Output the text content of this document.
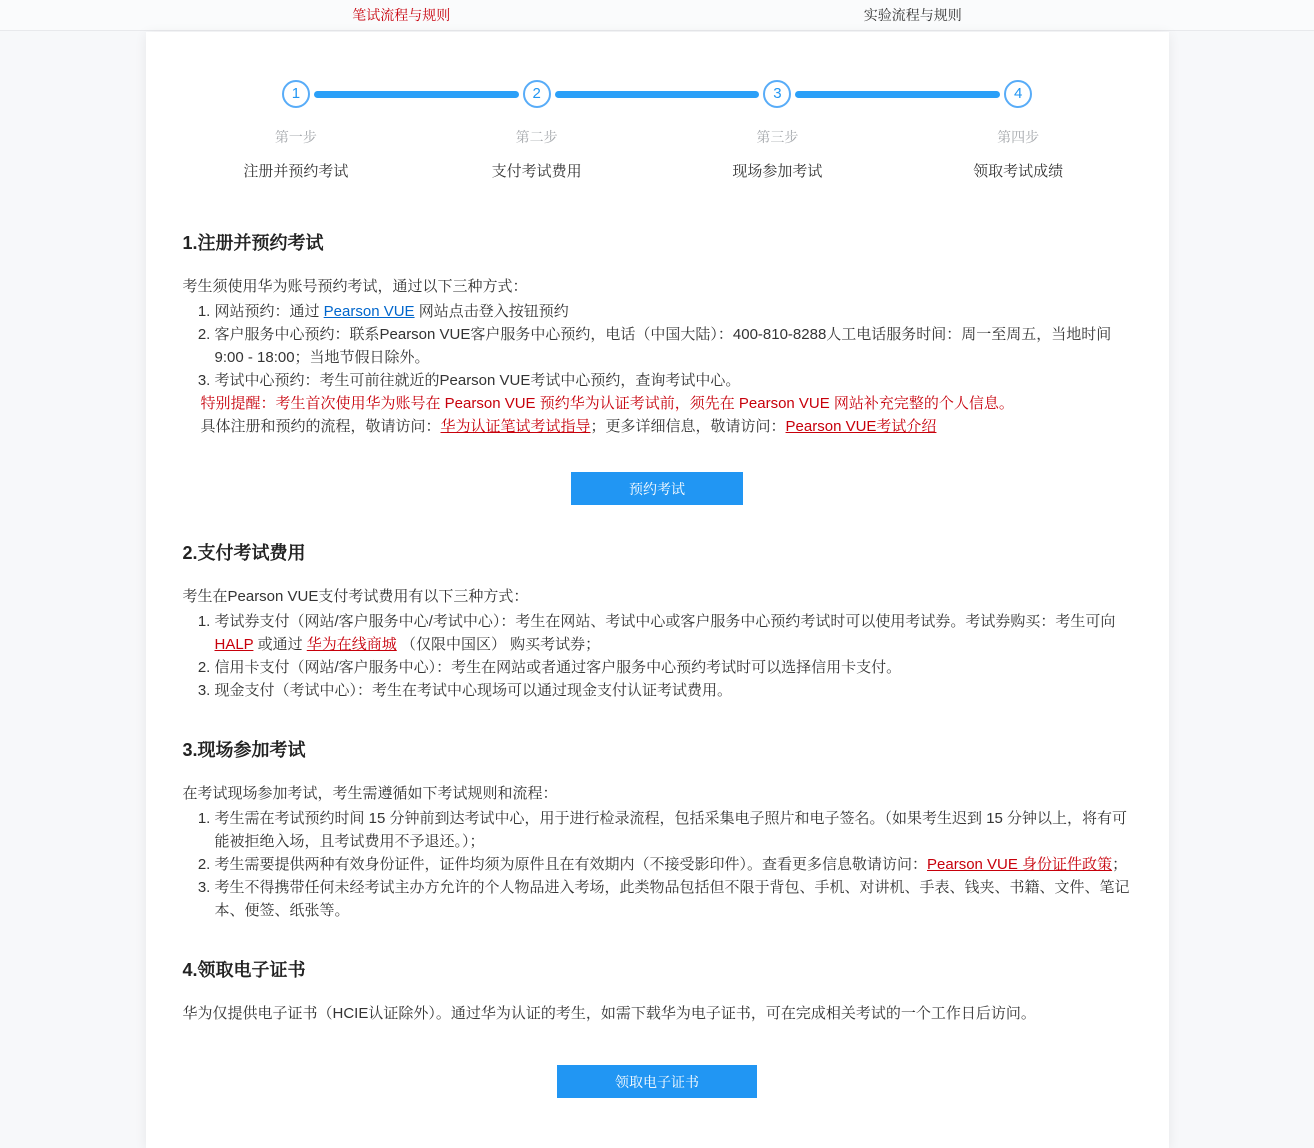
笔试流程与规则	实验流程与规则
1
第一步
注册并预约考试
2
第二步
支付考试费用
3
第三步
现场参加考试
4
第四步
领取考试成绩
1.注册并预约考试

考生须使用华为账号预约考试，通过以下三种方式：

1. 网站预约：通过 Pearson VUE 网站点击登入按钮预约
2. 客户服务中心预约：联系Pearson VUE客户服务中心预约，电话（中国大陆）：400-810-8288人工电话服务时间：周一至周五，当地时间 9:00 - 18:00；当地节假日除外。
3. 考试中心预约：考生可前往就近的Pearson VUE考试中心预约，查询考试中心。

特别提醒：考生首次使用华为账号在 Pearson VUE 预约华为认证考试前，须先在 Pearson VUE 网站补充完整的个人信息。

具体注册和预约的流程，敬请访问：华为认证笔试考试指导；更多详细信息，敬请访问：Pearson VUE考试介绍

预约考试
2.支付考试费用

考生在Pearson VUE支付考试费用有以下三种方式：

1. 考试券支付（网站/客户服务中心/考试中心）：考生在网站、考试中心或客户服务中心预约考试时可以使用考试券。考试券购买：考生可向 HALP 或通过 华为在线商城 （仅限中国区） 购买考试券；
2. 信用卡支付（网站/客户服务中心）：考生在网站或者通过客户服务中心预约考试时可以选择信用卡支付。
3. 现金支付（考试中心）：考生在考试中心现场可以通过现金支付认证考试费用。
3.现场参加考试

在考试现场参加考试，考生需遵循如下考试规则和流程：

1. 考生需在考试预约时间 15 分钟前到达考试中心，用于进行检录流程，包括采集电子照片和电子签名。（如果考生迟到 15 分钟以上，将有可能被拒绝入场，且考试费用不予退还。）；
2. 考生需要提供两种有效身份证件，证件均须为原件且在有效期内（不接受影印件）。查看更多信息敬请访问：Pearson VUE 身份证件政策；
3. 考生不得携带任何未经考试主办方允许的个人物品进入考场，此类物品包括但不限于背包、手机、对讲机、手表、钱夹、书籍、文件、笔记本、便签、纸张等。
4.领取电子证书

华为仅提供电子证书（HCIE认证除外）。通过华为认证的考生，如需下载华为电子证书，可在完成相关考试的一个工作日后访问。

领取电子证书
